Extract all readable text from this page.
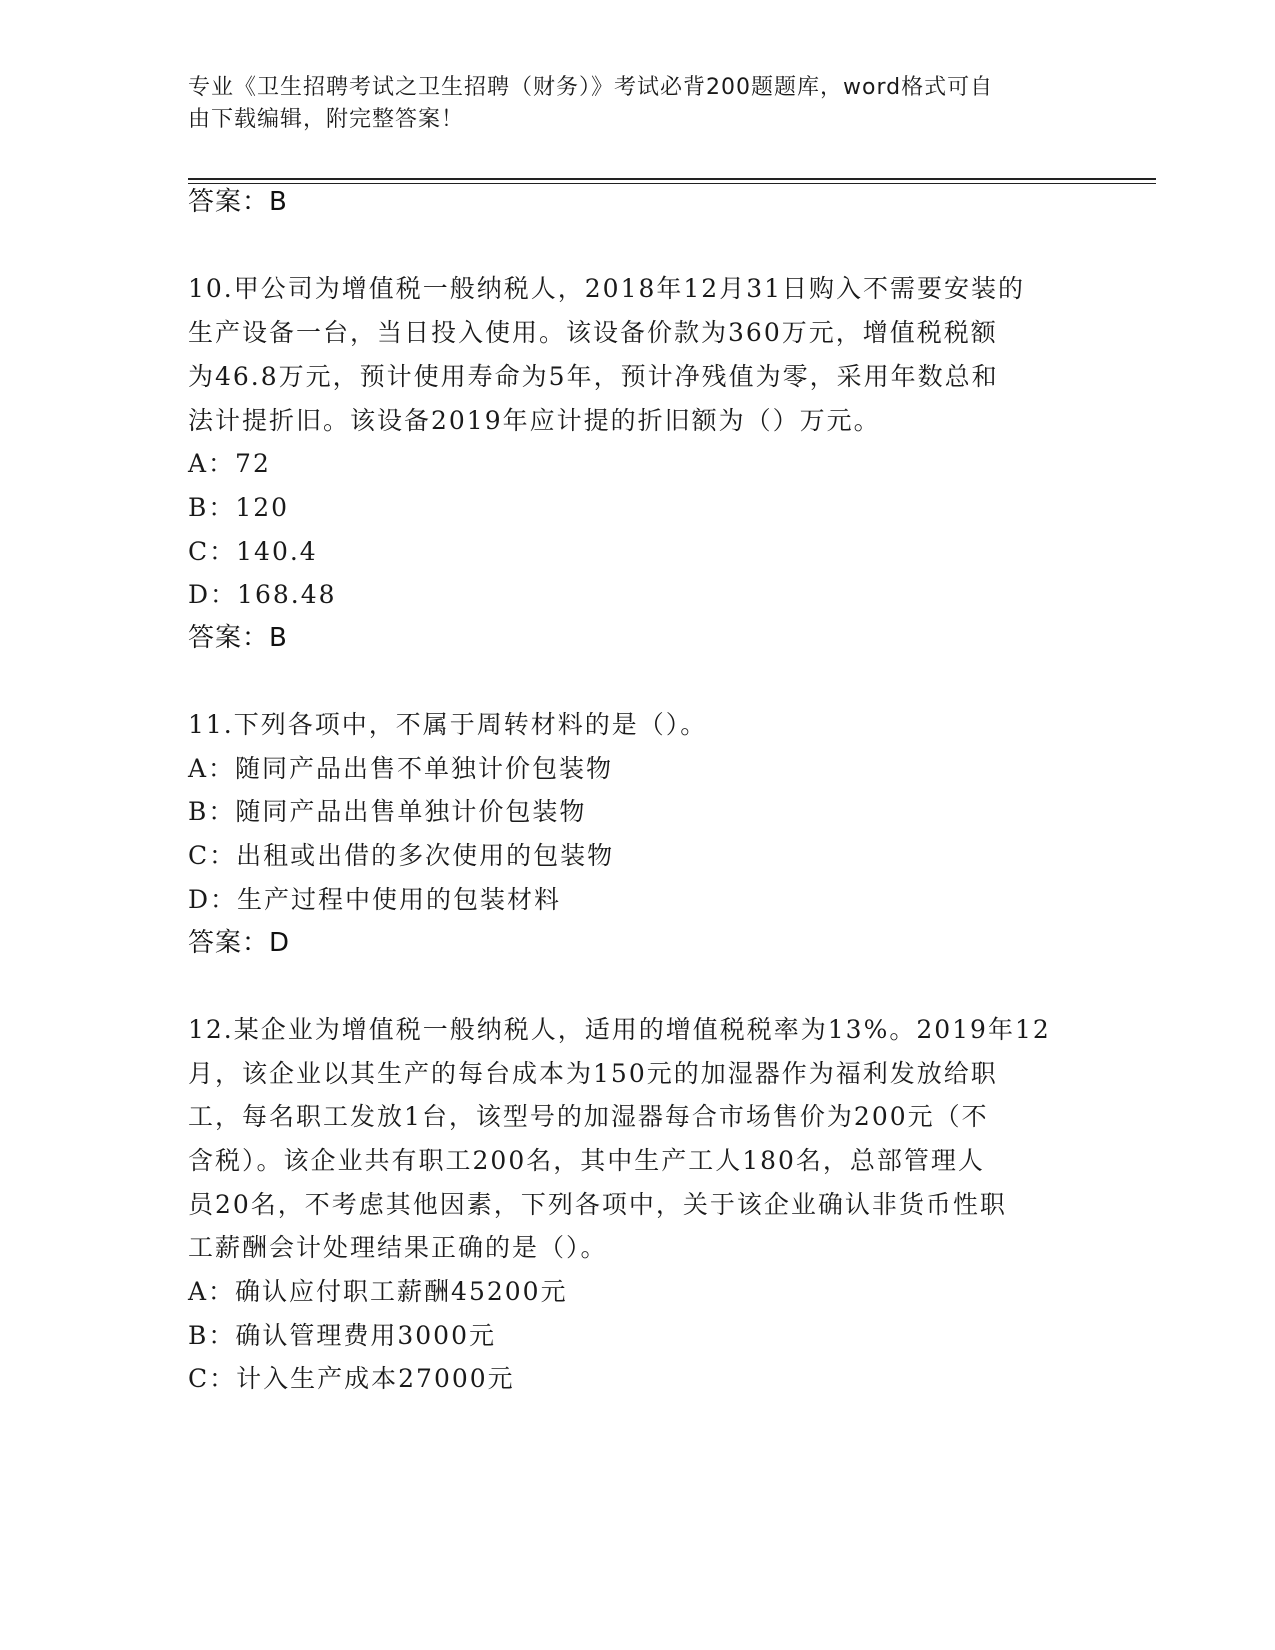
专业《卫生招聘考试之卫生招聘（财务）》考试必背200题题库，word格式可自
由下载编辑，附完整答案！
答案：B
10.甲公司为增值税一般纳税人，2018年12月31日购入不需要安装的
生产设备一台，当日投入使用。该设备价款为360万元，增值税税额
为46.8万元，预计使用寿命为5年，预计净残值为零，采用年数总和
法计提折旧。该设备2019年应计提的折旧额为（）万元。
A：72
B：120
C：140.4
D：168.48
答案：B
11.下列各项中，不属于周转材料的是（）。
A：随同产品出售不单独计价包装物
B：随同产品出售单独计价包装物
C：出租或出借的多次使用的包装物
D：生产过程中使用的包装材料
答案：D
12.某企业为增值税一般纳税人，适用的增值税税率为13%。2019年12
月，该企业以其生产的每台成本为150元的加湿器作为福利发放给职
工，每名职工发放1台，该型号的加湿器每合市场售价为200元（不
含税）。该企业共有职工200名，其中生产工人180名，总部管理人
员20名，不考虑其他因素，下列各项中，关于该企业确认非货币性职
工薪酬会计处理结果正确的是（）。
A：确认应付职工薪酬45200元
B：确认管理费用3000元
C：计入生产成本27000元
